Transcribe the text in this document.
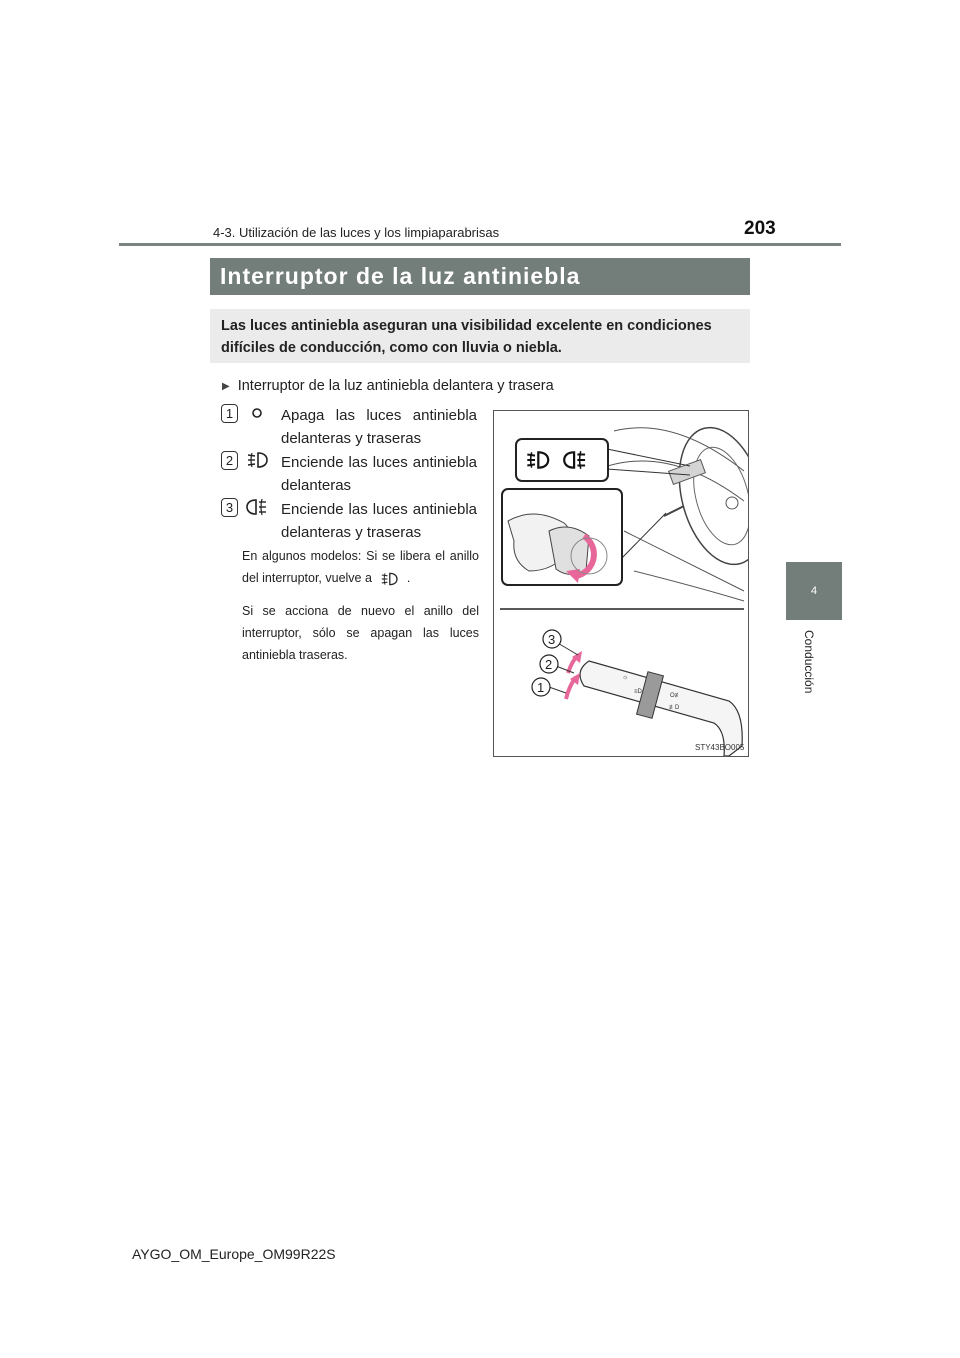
4-3. Utilización de las luces y los limpiaparabrisas	203
4
Conducción
Interruptor de la luz antiniebla
Las luces antiniebla aseguran una visibilidad excelente en condiciones difíciles de conducción, como con lluvia o niebla.
▶ Interruptor de la luz antiniebla delantera y trasera
1	Apaga las luces antiniebla delanteras y traseras
2	Enciende las luces antiniebla delanteras
3	Enciende las luces antiniebla delanteras y traseras
En algunos modelos: Si se libera el anillo del interruptor, vuelve a	.
Si se acciona de nuevo el anillo del interruptor, sólo se apagan las luces antiniebla traseras.
☼
≡D
O≢
≢D
3
2
1
STY43BO005
AYGO_OM_Europe_OM99R22S
